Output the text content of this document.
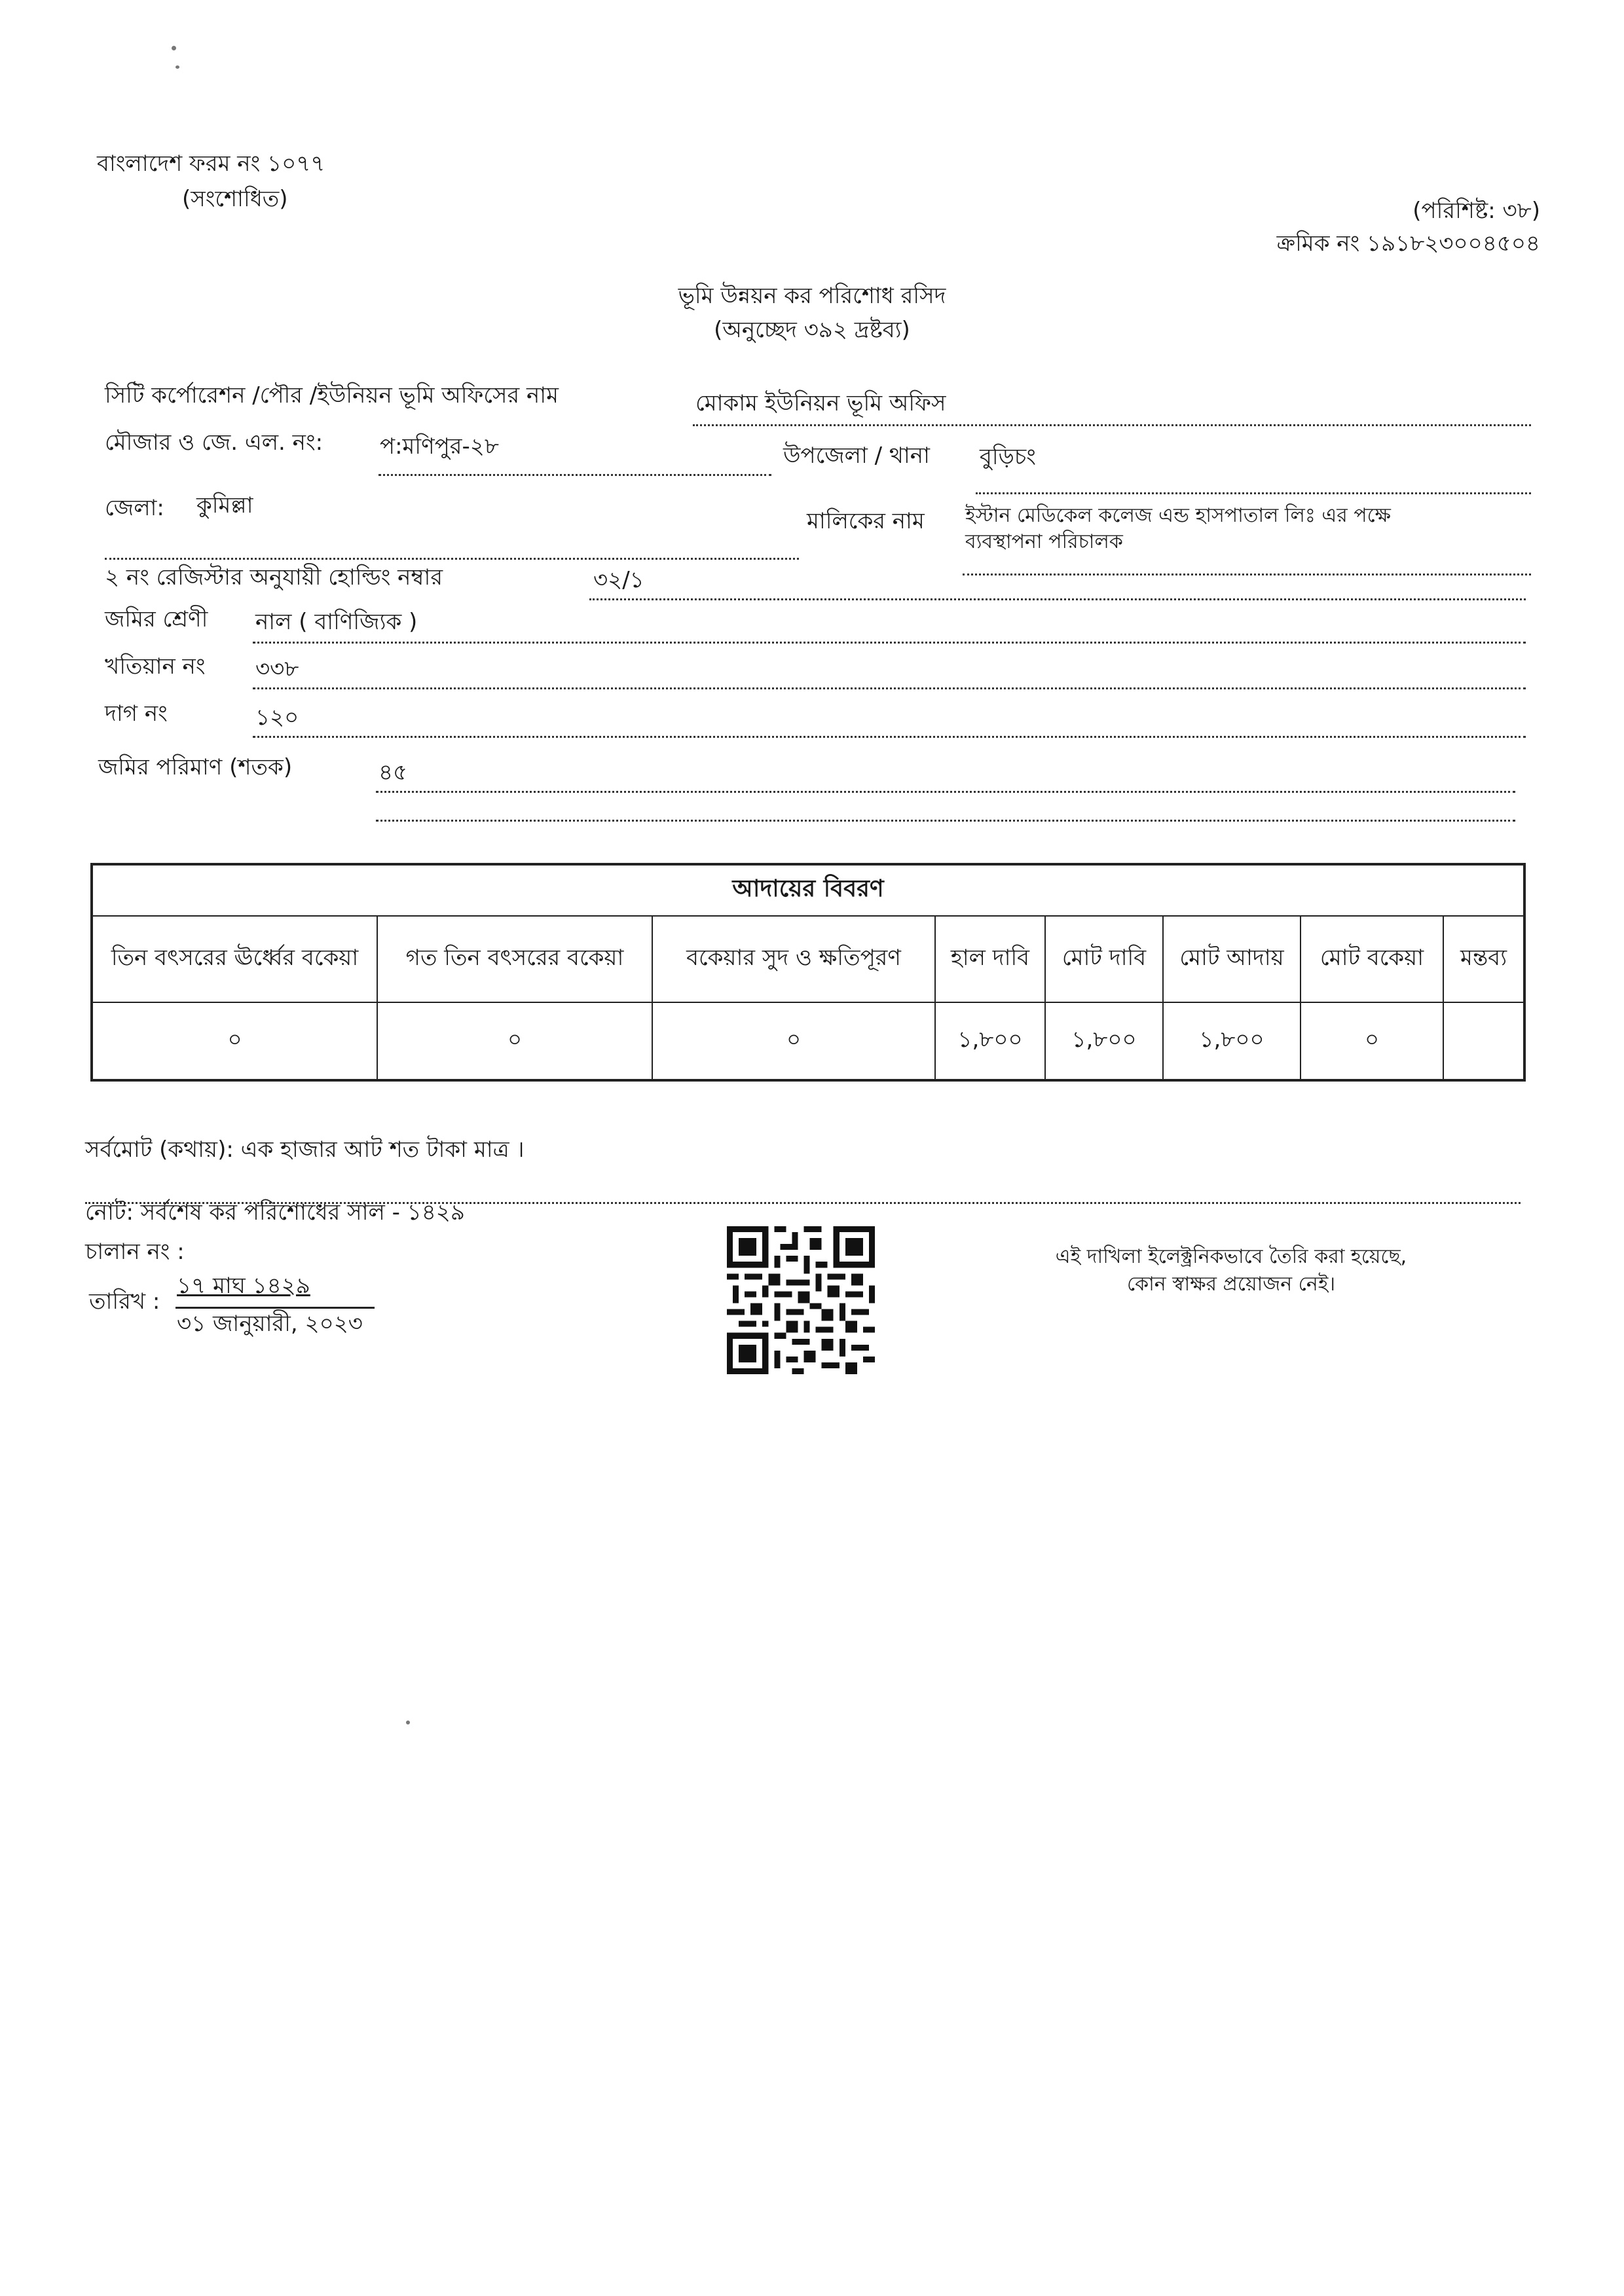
বাংলাদেশ ফরম নং ১০৭৭
(সংশোধিত)	(পরিশিষ্ট: ৩৮)
ক্রমিক নং ১৯১৮২৩০০৪৫০৪
ভূমি উন্নয়ন কর পরিশোধ রসিদ
(অনুচ্ছেদ ৩৯২ দ্রষ্টব্য)
সিটি কর্পোরেশন /পৌর /ইউনিয়ন ভূমি অফিসের নাম	মোকাম ইউনিয়ন ভূমি অফিস
মৌজার ও জে. এল. নং:	প:মণিপুর-২৮	উপজেলা / থানা বুড়িচং
জেলা: কুমিল্লা
মালিকের নাম ইস্টান মেডিকেল কলেজ এন্ড হাসপাতাল লিঃ এর পক্ষে
ব্যবস্থাপনা পরিচালক
২ নং রেজিস্টার অনুযায়ী হোল্ডিং নম্বার	৩২/১
জমির শ্রেণী নাল ( বাণিজ্যিক )
খতিয়ান নং ৩৩৮
দাগ নং	১২০
জমির পরিমাণ (শতক)	৪৫
আদায়ের বিবরণ							
তিন বৎসরের ঊর্ধ্বের বকেয়া	গত তিন বৎসরের বকেয়া	বকেয়ার সুদ ও ক্ষতিপূরণ	হাল দাবি	মোট দাবি	মোট আদায়	মোট বকেয়া	মন্তব্য
০	০	০	১,৮০০	১,৮০০	১,৮০০	০	
সর্বমোট (কথায়): এক হাজার আট শত টাকা মাত্র ।
নোট: সর্বশেষ কর পরিশোধের সাল - ১৪২৯
চালান নং :
তারিখ :
১৭ মাঘ ১৪২৯
৩১ জানুয়ারী, ২০২৩
এই দাখিলা ইলেক্ট্রনিকভাবে তৈরি করা হয়েছে,
কোন স্বাক্ষর প্রয়োজন নেই।
